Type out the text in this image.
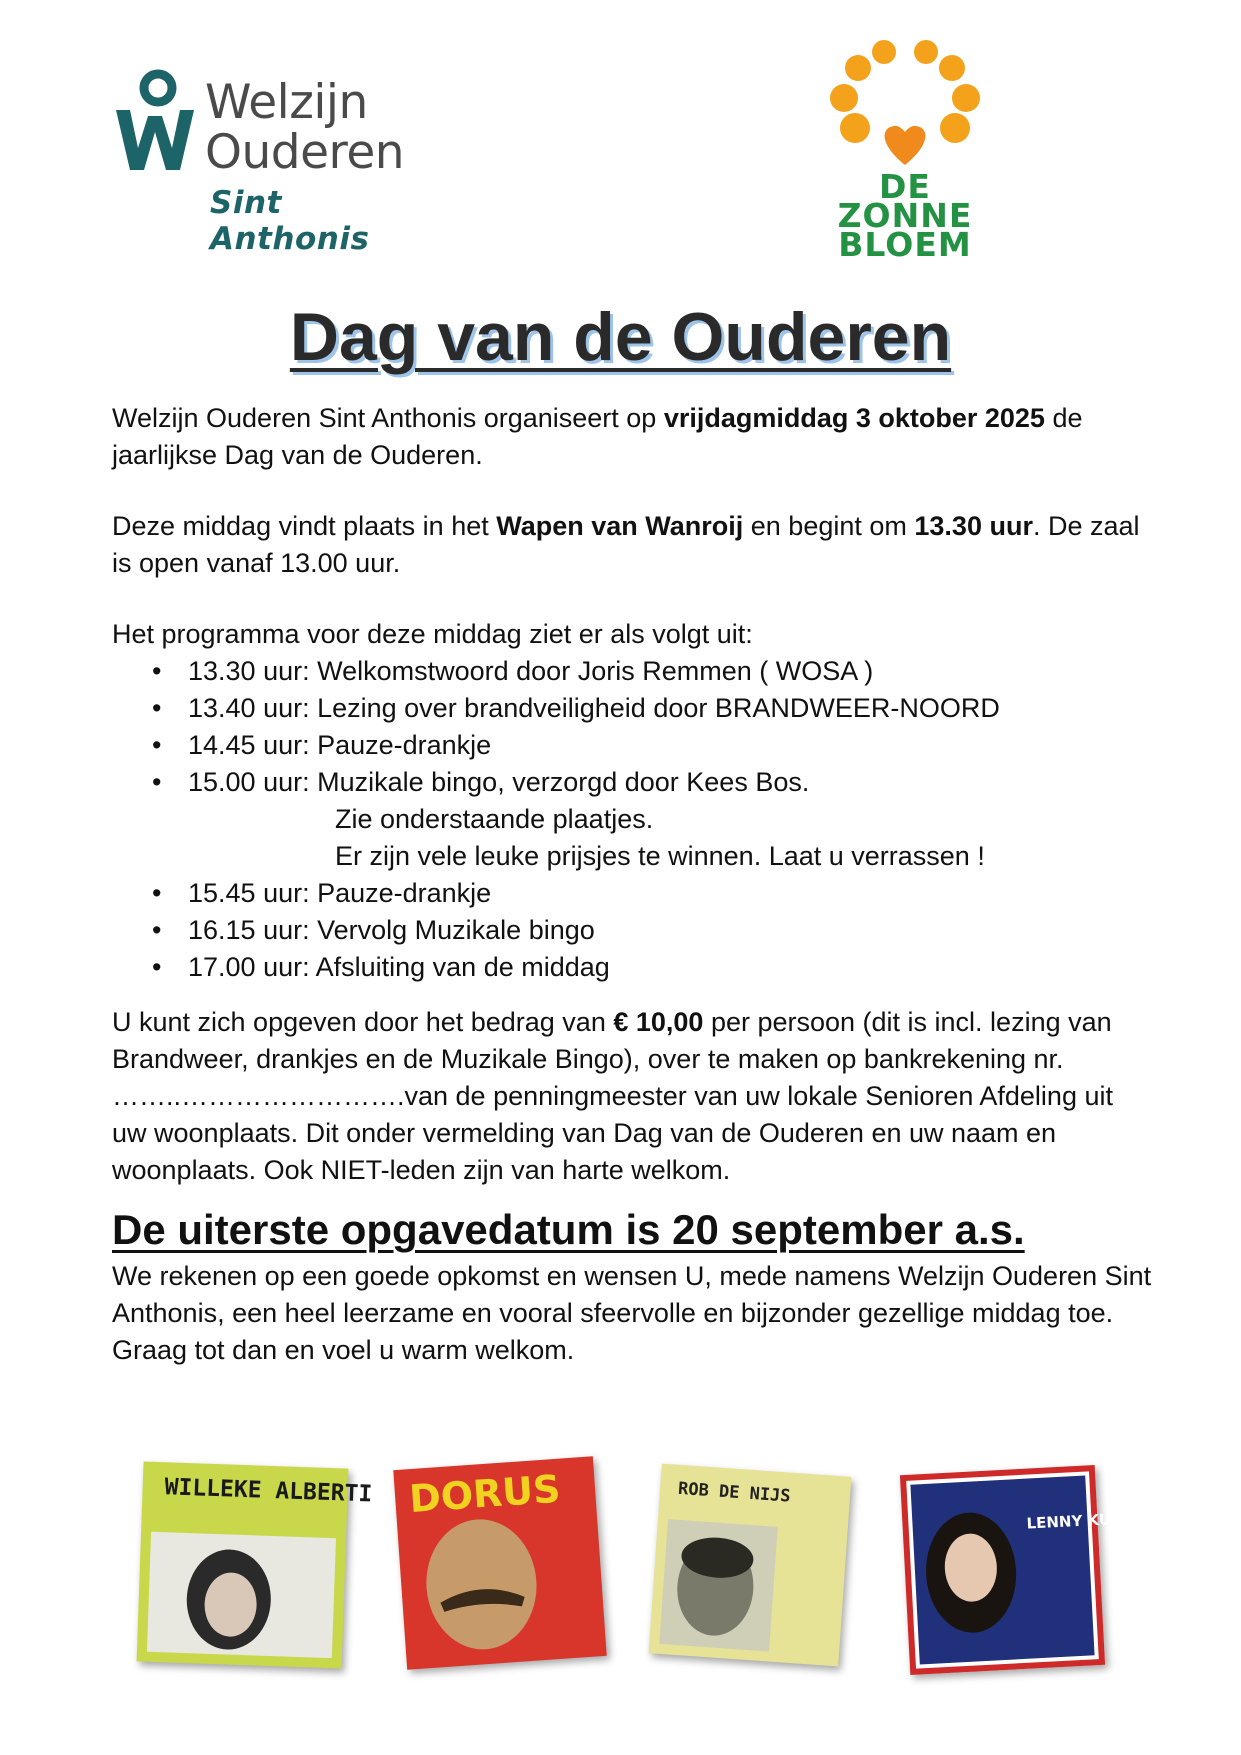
Welzijn
Ouderen
Sint Anthonis
DE
ZONNE
BLOEM
Dag van de Ouderen

Welzijn Ouderen Sint Anthonis organiseert op vrijdagmiddag 3 oktober 2025 de jaarlijkse Dag van de Ouderen.

Deze middag vindt plaats in het Wapen van Wanroij en begint om 13.30 uur. De zaal is open vanaf 13.00 uur.

Het programma voor deze middag ziet er als volgt uit:

• 13.30 uur: Welkomstwoord door Joris Remmen ( WOSA )
• 13.40 uur: Lezing over brandveiligheid door BRANDWEER-NOORD
• 14.45 uur: Pauze-drankje
• 15.00 uur: Muzikale bingo, verzorgd door Kees Bos.
Zie onderstaande plaatjes.
Er zijn vele leuke prijsjes te winnen. Laat u verrassen !
• 15.45 uur: Pauze-drankje
• 16.15 uur: Vervolg Muzikale bingo
• 17.00 uur: Afsluiting van de middag

U kunt zich opgeven door het bedrag van € 10,00 per persoon (dit is incl. lezing van Brandweer, drankjes en de Muzikale Bingo), over te maken op bankrekening nr. ……..…………………….van de penningmeester van uw lokale Senioren Afdeling uit uw woonplaats. Dit onder vermelding van Dag van de Ouderen en uw naam en woonplaats. Ook NIET-leden zijn van harte welkom.

De uiterste opgavedatum is 20 september a.s.

We rekenen op een goede opkomst en wensen U, mede namens Welzijn Ouderen Sint Anthonis, een heel leerzame en vooral sfeervolle en bijzonder gezellige middag toe. Graag tot dan en voel u warm welkom.

WILLEKE ALBERTI DORUS	ROB DE NIJS
LENNY KUHR
